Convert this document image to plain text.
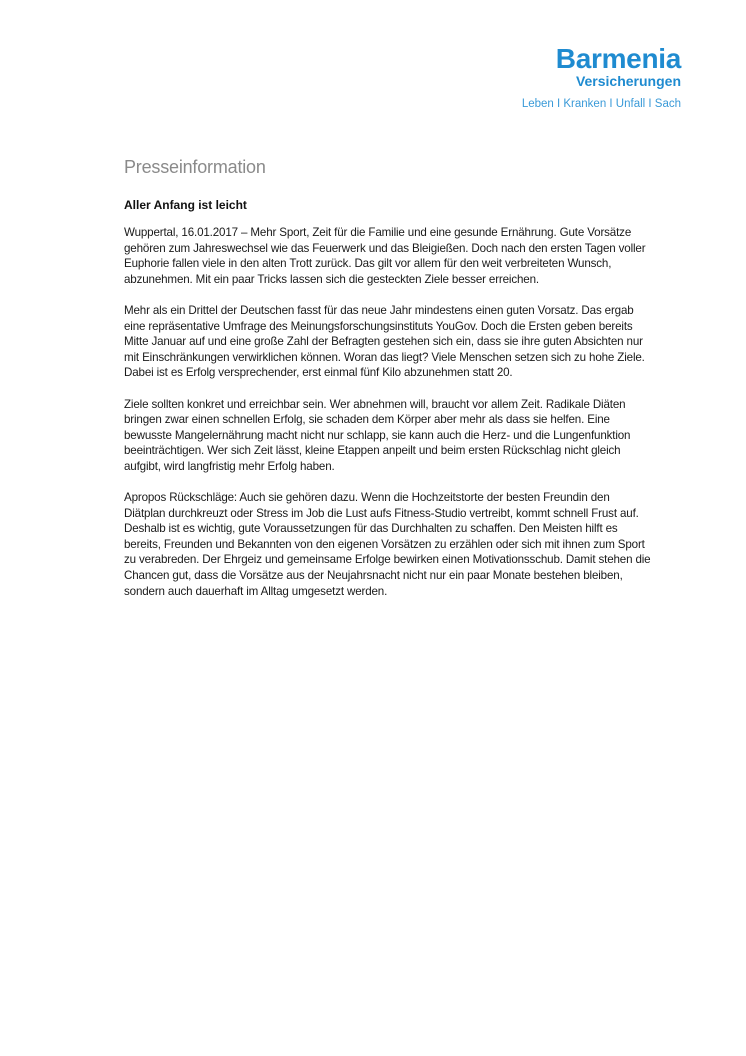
Barmenia
Versicherungen
Leben I Kranken I Unfall I Sach
Presseinformation
Aller Anfang ist leicht

Wuppertal, 16.01.2017 – Mehr Sport, Zeit für die Familie und eine gesunde Ernährung. Gute Vorsätze gehören zum Jahreswechsel wie das Feuerwerk und das Bleigießen. Doch nach den ersten Tagen voller Euphorie fallen viele in den alten Trott zurück. Das gilt vor allem für den weit verbreiteten Wunsch, abzunehmen. Mit ein paar Tricks lassen sich die gesteckten Ziele besser erreichen.

Mehr als ein Drittel der Deutschen fasst für das neue Jahr mindestens einen guten Vorsatz. Das ergab eine repräsentative Umfrage des Meinungsforschungsinstituts YouGov. Doch die Ersten geben bereits Mitte Januar auf und eine große Zahl der Befragten gestehen sich ein, dass sie ihre guten Absichten nur mit Einschränkungen verwirklichen können. Woran das liegt? Viele Menschen setzen sich zu hohe Ziele. Dabei ist es Erfolg versprechender, erst einmal fünf Kilo abzunehmen statt 20.

Ziele sollten konkret und erreichbar sein. Wer abnehmen will, braucht vor allem Zeit. Radikale Diäten bringen zwar einen schnellen Erfolg, sie schaden dem Körper aber mehr als dass sie helfen. Eine bewusste Mangelernährung macht nicht nur schlapp, sie kann auch die Herz- und die Lungenfunktion beeinträchtigen. Wer sich Zeit lässt, kleine Etappen anpeilt und beim ersten Rückschlag nicht gleich aufgibt, wird langfristig mehr Erfolg haben.

Apropos Rückschläge: Auch sie gehören dazu. Wenn die Hochzeitstorte der besten Freundin den Diätplan durchkreuzt oder Stress im Job die Lust aufs Fitness-Studio vertreibt, kommt schnell Frust auf. Deshalb ist es wichtig, gute Voraussetzungen für das Durchhalten zu schaffen. Den Meisten hilft es bereits, Freunden und Bekannten von den eigenen Vorsätzen zu erzählen oder sich mit ihnen zum Sport zu verabreden. Der Ehrgeiz und gemeinsame Erfolge bewirken einen Motivationsschub. Damit stehen die Chancen gut, dass die Vorsätze aus der Neujahrsnacht nicht nur ein paar Monate bestehen bleiben, sondern auch dauerhaft im Alltag umgesetzt werden.
